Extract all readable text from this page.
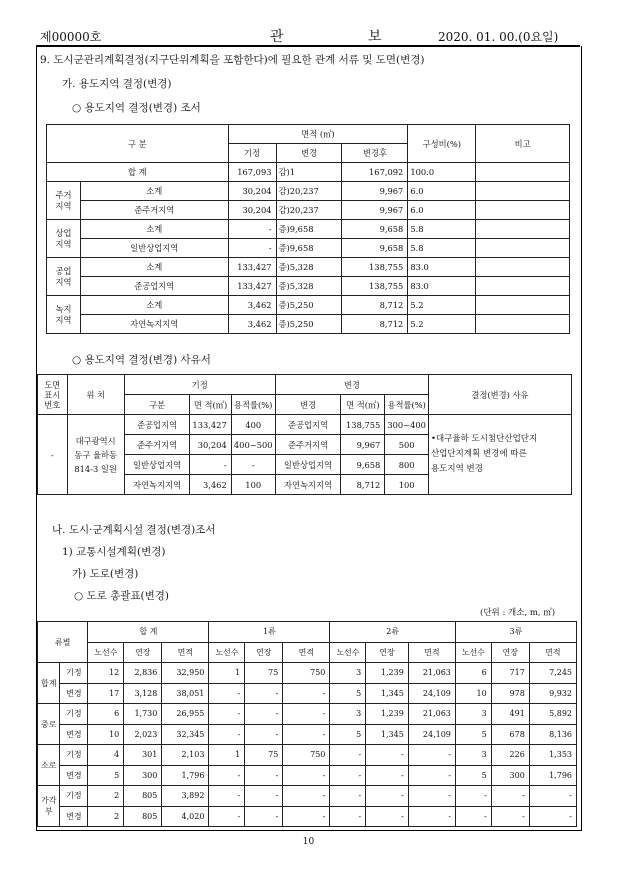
제00000호	관 보 2020. 01. 00.(0요일)
9. 도시군관리계획결정(지구단위계획을 포함한다)에 필요한 관계 서류 및 도면(변경)
가. 용도지역 결정(변경)
○ 용도지역 결정(변경) 조서
구 분		면적 (㎡)			구성비(%)	비고
		기정	변경	변경후		
합 계		167,093	감)1	167,092	100.0	
주거
지역	소계	30,204	감)20,237	9,967	6.0	
	준주거지역	30,204	감)20,237	9,967	6.0	
상업
지역	소계	-	증)9,658	9,658	5.8	
	일반상업지역	-	증)9,658	9,658	5.8	
공업
지역	소계	133,427	증)5,328	138,755	83.0	
	준공업지역	133,427	증)5,328	138,755	83.0	
녹지
지역	소계	3,462	증)5,250	8,712	5.2	
	자연녹지지역	3,462	증)5,250	8,712	5.2	
○ 용도지역 결정(변경) 사유서
도면
표시
번호	위 치	기정			변경			결정(변경) 사유
		구분	면 적(㎡)	용적률(%)	변경	면 적(㎡)	용적률(%)	
-	대구광역시
동구 율하동
814-3 일원	준공업지역	133,427	400	준공업지역	138,755	300~400	•대구율하 도시첨단산업단지
산업단지계획 변경에 따른
용도지역 변경
		준주거지역	30,204	400~500	준주거지역	9,967	500	
		일반상업지역	-	-	일반상업지역	9,658	800	
		자연녹지지역	3,462	100	자연녹지지역	8,712	100	
나. 도시·군계획시설 결정(변경)조서
1) 교통시설계획(변경)
가) 도로(변경)
○ 도로 총괄표(변경)
(단위 : 개소, m, ㎡)
류별		합 계			1류			2류			3류		
		노선수	연장	면적	노선수	연장	면적	노선수	연장	면적	노선수	연장	면적
합계	기정	12	2,836	32,950	1	75	750	3	1,239	21,063	6	717	7,245
	변경	17	3,128	38,051	-	-	-	5	1,345	24,109	10	978	9,932
중로	기정	6	1,730	26,955	-	-	-	3	1,239	21,063	3	491	5,892
	변경	10	2,023	32,345	-	-	-	5	1,345	24,109	5	678	8,136
소로	기정	4	301	2,103	1	75	750	-	-	-	3	226	1,353
	변경	5	300	1,796	-	-	-	-	-	-	5	300	1,796
가각
부	기정	2	805	3,892	-	-	-	-	-	-	-	-	-
	변경	2	805	4,020	-	-	-	-	-	-	-	-	-
10
